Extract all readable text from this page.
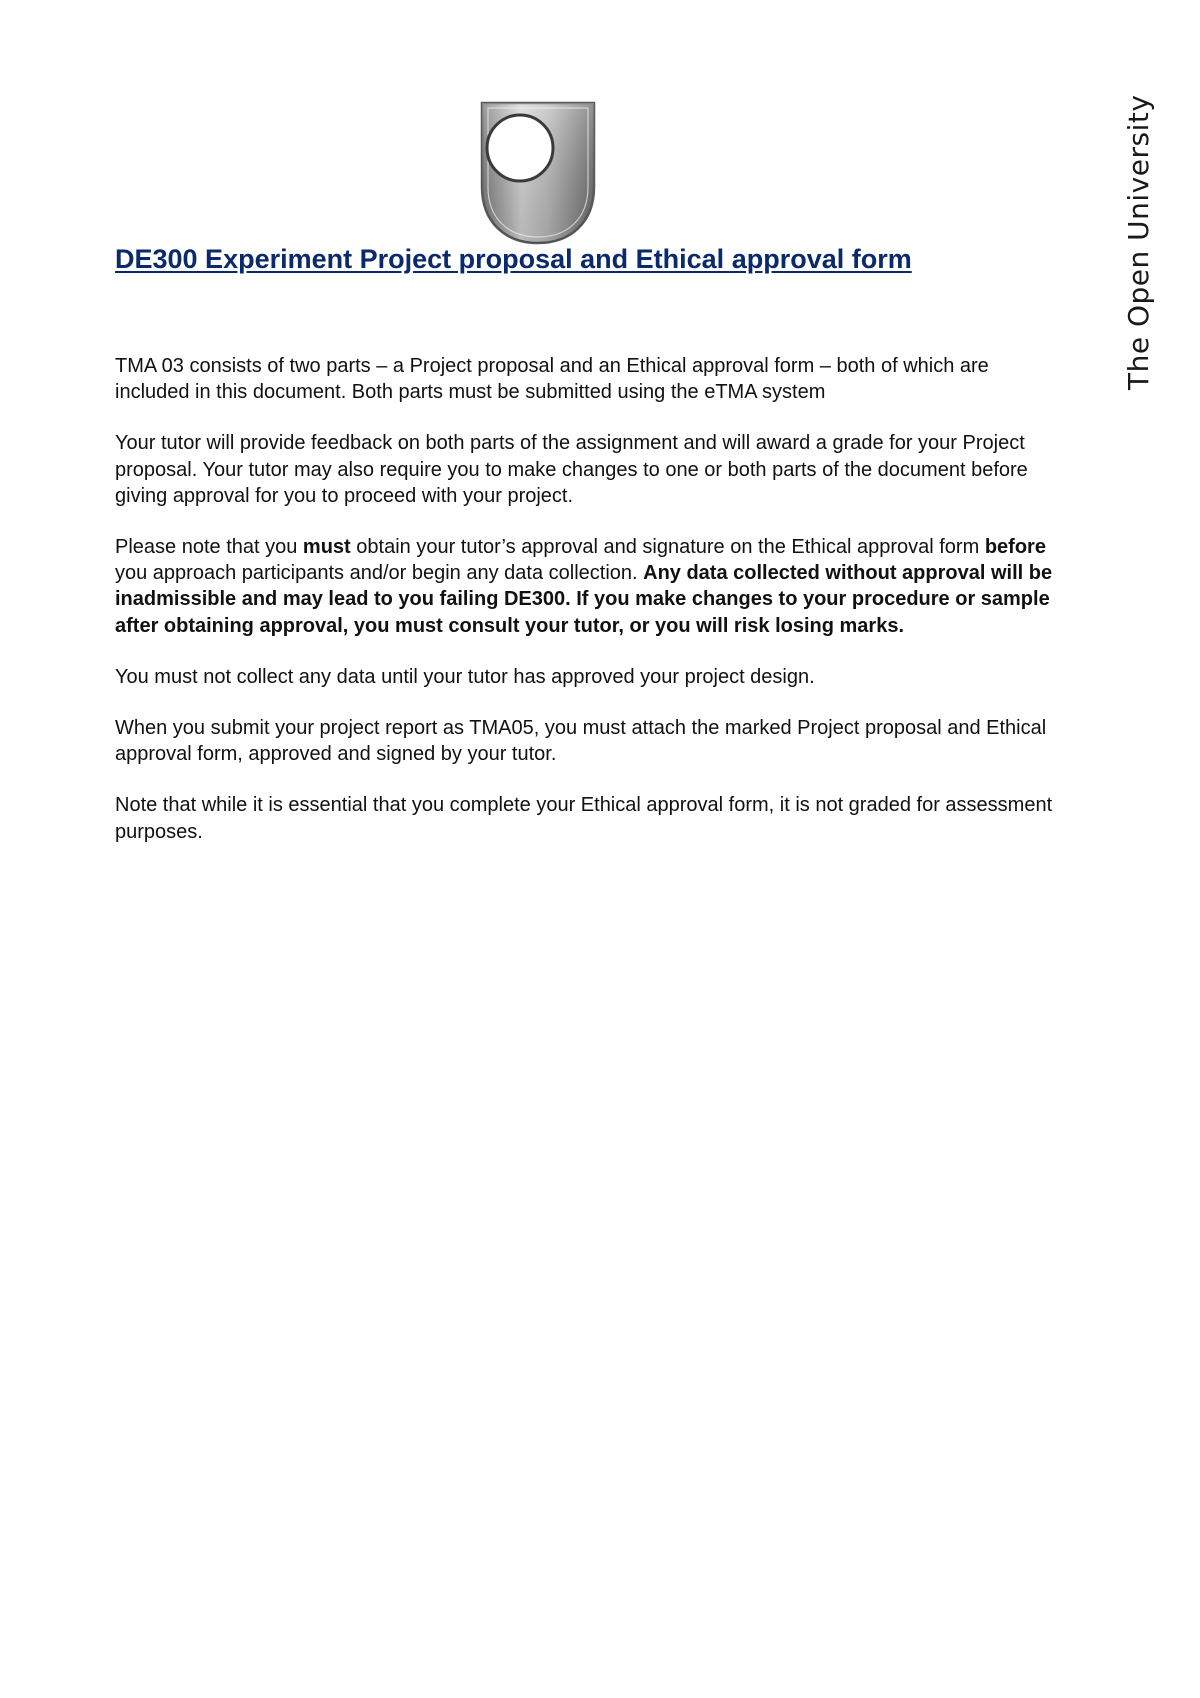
The Open University
DE300 Experiment Project proposal and Ethical approval form

TMA 03 consists of two parts – a Project proposal and an Ethical approval form – both of which are included in this document. Both parts must be submitted using the eTMA system

Your tutor will provide feedback on both parts of the assignment and will award a grade for your Project proposal. Your tutor may also require you to make changes to one or both parts of the document before giving approval for you to proceed with your project.

Please note that you must obtain your tutor’s approval and signature on the Ethical approval form before you approach participants and/or begin any data collection. Any data collected without approval will be inadmissible and may lead to you failing DE300. If you make changes to your procedure or sample after obtaining approval, you must consult your tutor, or you will risk losing marks.

You must not collect any data until your tutor has approved your project design.

When you submit your project report as TMA05, you must attach the marked Project proposal and Ethical approval form, approved and signed by your tutor.

Note that while it is essential that you complete your Ethical approval form, it is not graded for assessment purposes.
